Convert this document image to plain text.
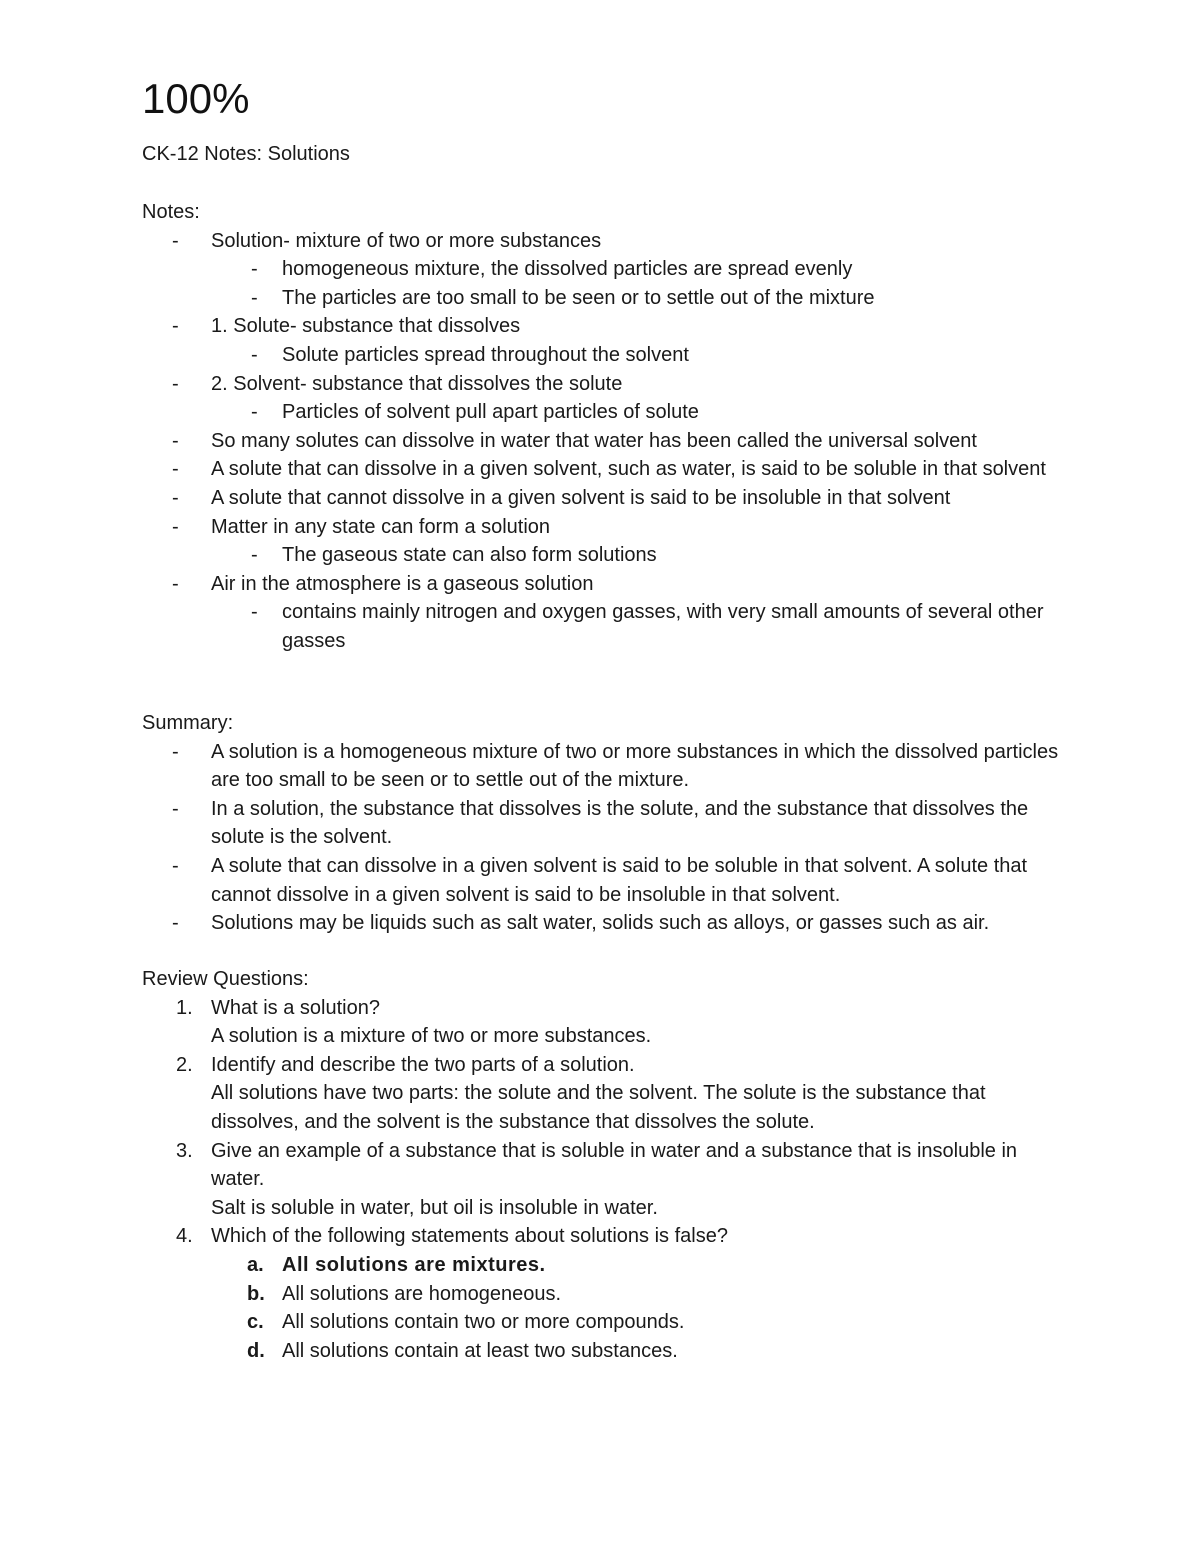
100%
CK-12 Notes: Solutions
Notes:
- Solution- mixture of two or more substances
- homogeneous mixture, the dissolved particles are spread evenly
- The particles are too small to be seen or to settle out of the mixture
- 1. Solute- substance that dissolves
- Solute particles spread throughout the solvent
- 2. Solvent- substance that dissolves the solute
- Particles of solvent pull apart particles of solute
- So many solutes can dissolve in water that water has been called the universal solvent
- A solute that can dissolve in a given solvent, such as water, is said to be soluble in that solvent
- A solute that cannot dissolve in a given solvent is said to be insoluble in that solvent
- Matter in any state can form a solution
- The gaseous state can also form solutions
- Air in the atmosphere is a gaseous solution
- contains mainly nitrogen and oxygen gasses, with very small amounts of several other gasses
Summary:
- A solution is a homogeneous mixture of two or more substances in which the dissolved particles are too small to be seen or to settle out of the mixture.
- In a solution, the substance that dissolves is the solute, and the substance that dissolves the solute is the solvent.
- A solute that can dissolve in a given solvent is said to be soluble in that solvent. A solute that cannot dissolve in a given solvent is said to be insoluble in that solvent.
- Solutions may be liquids such as salt water, solids such as alloys, or gasses such as air.
Review Questions:
1. What is a solution?
A solution is a mixture of two or more substances.
2. Identify and describe the two parts of a solution.
All solutions have two parts: the solute and the solvent. The solute is the substance that dissolves, and the solvent is the substance that dissolves the solute.
3. Give an example of a substance that is soluble in water and a substance that is insoluble in water.
Salt is soluble in water, but oil is insoluble in water.
4. Which of the following statements about solutions is false?
a. All solutions are mixtures.
b. All solutions are homogeneous.
c. All solutions contain two or more compounds.
d. All solutions contain at least two substances.
